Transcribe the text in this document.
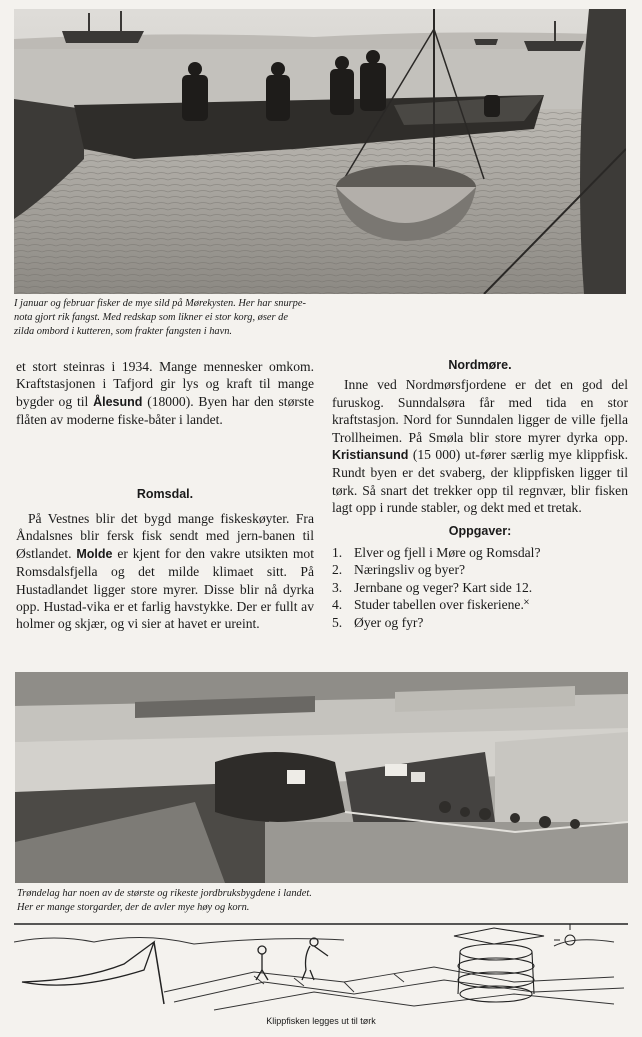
I januar og februar fisker de mye sild på Mørekysten. Her har snurpe-
nota gjort rik fangst. Med redskap som likner ei stor korg, øser de
zilda ombord i kutteren, som frakter fangsten i havn.

et stort steinras i 1934. Mange mennesker omkom. Kraftstasjonen i Tafjord gir lys og kraft til mange bygder og til Ålesund (18000). Byen har den største flåten av moderne fiske-båter i landet.

Romsdal.

På Vestnes blir det bygd mange fiskeskøyter. Fra Åndalsnes blir fersk fisk sendt med jern-banen til Østlandet. Molde er kjent for den vakre utsikten mot Romsdalsfjella og det milde klimaet sitt. På Hustadlandet ligger store myrer. Disse blir nå dyrka opp. Hustad-vika er et farlig havstykke. Der er fullt av holmer og skjær, og vi sier at havet er ureint.

Nordmøre.

Inne ved Nordmørsfjordene er det en god del furuskog. Sunndalsøra får med tida en stor kraftstasjon. Nord for Sunndalen ligger de ville fjella Trollheimen. På Smøla blir store myrer dyrka opp. Kristiansund (15 000) ut-fører særlig mye klippfisk. Rundt byen er det svaberg, der klippfisken ligger til tørk. Så snart det trekker opp til regnvær, blir fisken lagt opp i runde stabler, og dekt med et tretak.

Oppgaver:
1. Elver og fjell i Møre og Romsdal?
2. Næringsliv og byer?
3. Jernbane og veger? Kart side 12.
4. Studer tabellen over fiskeriene.˟
5. Øyer og fyr?
Trøndelag har noen av de største og rikeste jordbruksbygdene i landet.
Her er mange storgarder, der de avler mye høy og korn.
Klippfisken legges ut til tørk
